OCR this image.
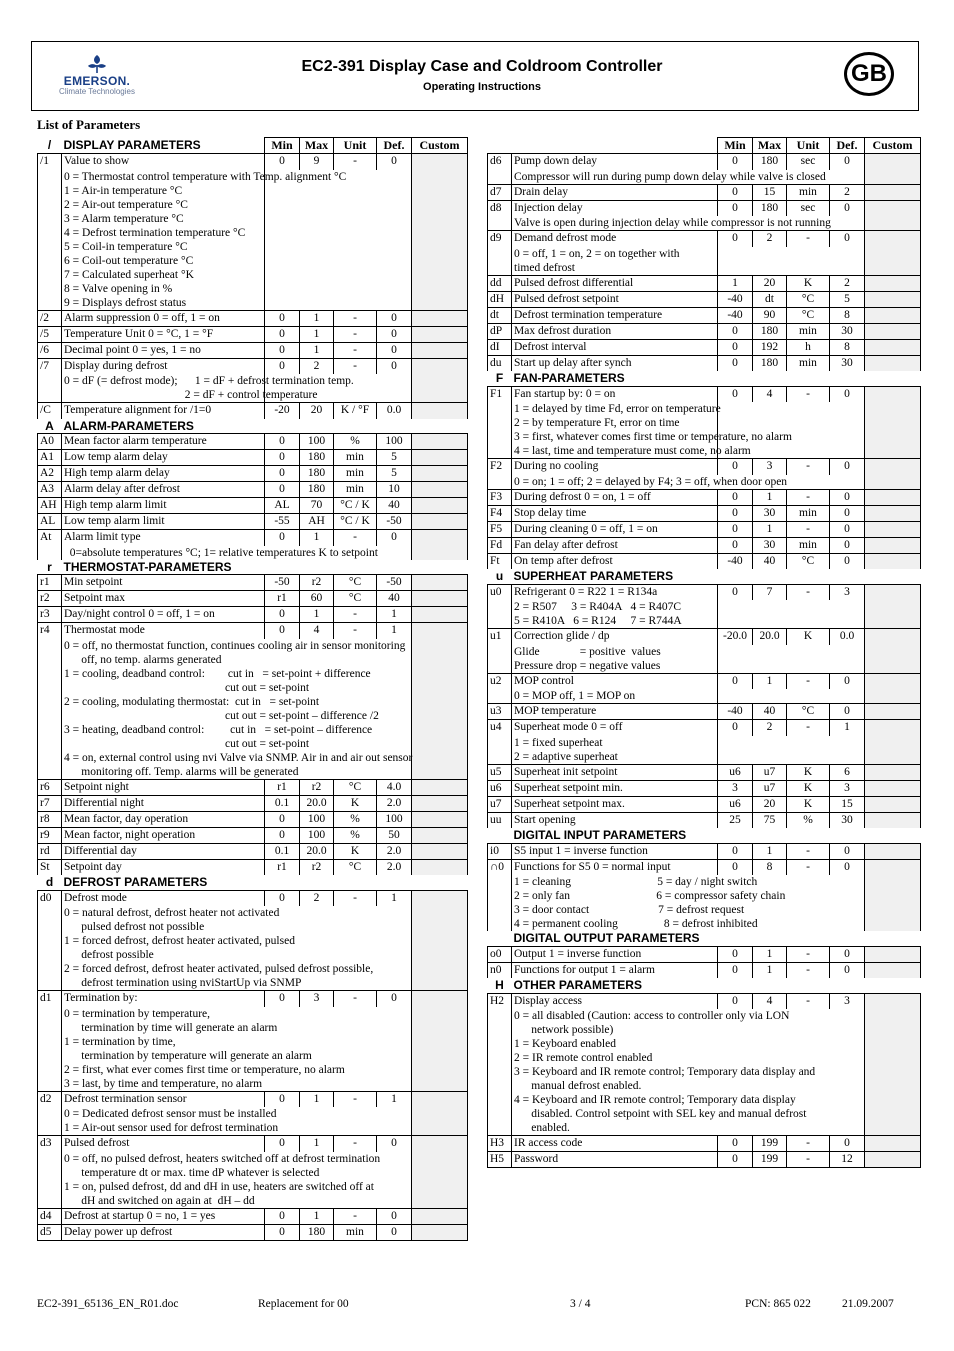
EMERSON.
Climate Technologies
EC2-391 Display Case and Coldroom Controller
Operating Instructions	GB
List of Parameters
/	DISPLAY PARAMETERS	Min	Max	Unit	Def.	Custom
/1	Value to show	0	9	-	0	
	0 = Thermostat control temperature with Temp. alignment °C					
	1 = Air-in temperature °C					
	2 = Air-out temperature °C					
	3 = Alarm temperature °C					
	4 = Defrost termination temperature °C					
	5 = Coil-in temperature °C					
	6 = Coil-out temperature °C					
	7 = Calculated superheat °K					
	8 = Valve opening in %					
	9 = Displays defrost status					
/2	Alarm suppression 0 = off, 1 = on	0	1	-	0	
/5	Temperature Unit 0 = °C, 1 = °F	0	1	-	0	
/6	Decimal point 0 = yes, 1 = no	0	1	-	0	
/7	Display during defrost	0	2	-	0	
	0 = dF (= defrost mode);      1 = dF + defrost termination temp.					
	2 = dF + control temperature					
/C	Temperature alignment for /1=0	-20	20	K / °F	0.0	
A	ALARM-PARAMETERS					
A0	Mean factor alarm temperature	0	100	%	100	
A1	Low temp alarm delay	0	180	min	5	
A2	High temp alarm delay	0	180	min	5	
A3	Alarm delay after defrost	0	180	min	10	
AH	High temp alarm limit	AL	70	°C / K	40	
AL	Low temp alarm limit	-55	AH	°C / K	-50	
At	Alarm limit type	0	1	-	0	
	0=absolute temperatures °C; 1= relative temperatures K to setpoint					
r	THERMOSTAT-PARAMETERS					
r1	Min setpoint	-50	r2	°C	-50	
r2	Setpoint max	r1	60	°C	40	
r3	Day/night control 0 = off, 1 = on	0	1	-	1	
r4	Thermostat mode	0	4	-	1	
	0 = off, no thermostat function, continues cooling air in sensor monitoring					
	off, no temp. alarms generated					
	1 = cooling, deadband control:        cut in   = set-point + difference					
	cut out = set-point					
	2 = cooling, modulating thermostat:  cut in   = set-point					
	cut out = set-point – difference /2					
	3 = heating, deadband control:         cut in   = set-point – difference					
	cut out = set-point					
	4 = on, external control using nvi Valve via SNMP. Air in and air out sensor					
	monitoring off. Temp. alarms will be generated					
r6	Setpoint night	r1	r2	°C	4.0	
r7	Differential night	0.1	20.0	K	2.0	
r8	Mean factor, day operation	0	100	%	100	
r9	Mean factor, night operation	0	100	%	50	
rd	Differential day	0.1	20.0	K	2.0	
St	Setpoint day	r1	r2	°C	2.0	
d	DEFROST PARAMETERS					
d0	Defrost mode	0	2	-	1	
	0 = natural defrost, defrost heater not activated					
	pulsed defrost not possible					
	1 = forced defrost, defrost heater activated, pulsed					
	defrost possible					
	2 = forced defrost, defrost heater activated, pulsed defrost possible,					
	defrost termination using nviStartUp via SNMP					
d1	Termination by:	0	3	-	0	
	0 = termination by temperature,					
	termination by time will generate an alarm					
	1 = termination by time,					
	termination by temperature will generate an alarm					
	2 = first, what ever comes first time or temperature, no alarm					
	3 = last, by time and temperature, no alarm					
d2	Defrost termination sensor	0	1	-	1	
	0 = Dedicated defrost sensor must be installed					
	1 = Air-out sensor used for defrost termination					
d3	Pulsed defrost	0	1	-	0	
	0 = off, no pulsed defrost, heaters switched off at defrost termination					
	temperature dt or max. time dP whatever is selected					
	1 = on, pulsed defrost, dd and dH in use, heaters are switched off at					
	dH and switched on again at  dH – dd					
d4	Defrost at startup 0 = no, 1 = yes	0	1	-	0	
d5	Delay power up defrost	0	180	min	0	
		Min	Max	Unit	Def.	Custom
d6	Pump down delay	0	180	sec	0	
	Compressor will run during pump down delay while valve is closed					
d7	Drain delay	0	15	min	2	
d8	Injection delay	0	180	sec	0	
	Valve is open during injection delay while compressor is not running					
d9	Demand defrost mode	0	2	-	0	
	0 = off, 1 = on, 2 = on together with					
	timed defrost					
dd	Pulsed defrost differential	1	20	K	2	
dH	Pulsed defrost setpoint	-40	dt	°C	5	
dt	Defrost termination temperature	-40	90	°C	8	
dP	Max defrost duration	0	180	min	30	
dI	Defrost interval	0	192	h	8	
du	Start up delay after synch	0	180	min	30	
F	FAN-PARAMETERS					
F1	Fan startup by: 0 = on	0	4	-	0	
	1 = delayed by time Fd, error on temperature					
	2 = by temperature Ft, error on time					
	3 = first, whatever comes first time or temperature, no alarm					
	4 = last, time and temperature must come, no alarm					
F2	During no cooling	0	3	-	0	
	0 = on; 1 = off; 2 = delayed by F4; 3 = off, when door open					
F3	During defrost 0 = on, 1 = off	0	1	-	0	
F4	Stop delay time	0	30	min	0	
F5	During cleaning 0 = off, 1 = on	0	1	-	0	
Fd	Fan delay after defrost	0	30	min	0	
Ft	On temp after defrost	-40	40	°C	0	
u	SUPERHEAT PARAMETERS					
u0	Refrigerant 0 = R22 1 = R134a	0	7	-	3	
	2 = R507     3 = R404A   4 = R407C					
	5 = R410A   6 = R124     7 = R744A					
u1	Correction glide / dp	-20.0	20.0	K	0.0	
	Glide              = positive  values					
	Pressure drop = negative values					
u2	MOP control	0	1	-	0	
	0 = MOP off, 1 = MOP on					
u3	MOP temperature	-40	40	°C	0	
u4	Superheat mode 0 = off	0	2	-	1	
	1 = fixed superheat					
	2 = adaptive superheat					
u5	Superheat init setpoint	u6	u7	K	6	
u6	Superheat setpoint min.	3	u7	K	3	
u7	Superheat setpoint max.	u6	20	K	15	
uu	Start opening	25	75	%	30	
	DIGITAL INPUT PARAMETERS					
i0	S5 input 1 = inverse function	0	1	-	0	
∩0	Functions for S5 0 = normal input	0	8	-	0	
	1 = cleaning                              5 = day / night switch					
	2 = only fan                              6 = compressor safety chain					
	3 = door contact                        7 = defrost request					
	4 = permanent cooling                8 = defrost inhibited					
	DIGITAL OUTPUT PARAMETERS					
o0	Output 1 = inverse function	0	1	-	0	
n0	Functions for output 1 = alarm	0	1	-	0	
H	OTHER PARAMETERS					
H2	Display access	0	4	-	3	
	0 = all disabled (Caution: access to controller only via LON					
	network possible)					
	1 = Keyboard enabled					
	2 = IR remote control enabled					
	3 = Keyboard and IR remote control; Temporary data display and					
	manual defrost enabled.					
	4 = Keyboard and IR remote control; Temporary data display					
	disabled. Control setpoint with SEL key and manual defrost					
	enabled.					
H3	IR access code	0	199	-	0	
H5	Password	0	199	-	12	
EC2-391_65136_EN_R01.doc	Replacement for 00	3 / 4	PCN: 865 022	21.09.2007
